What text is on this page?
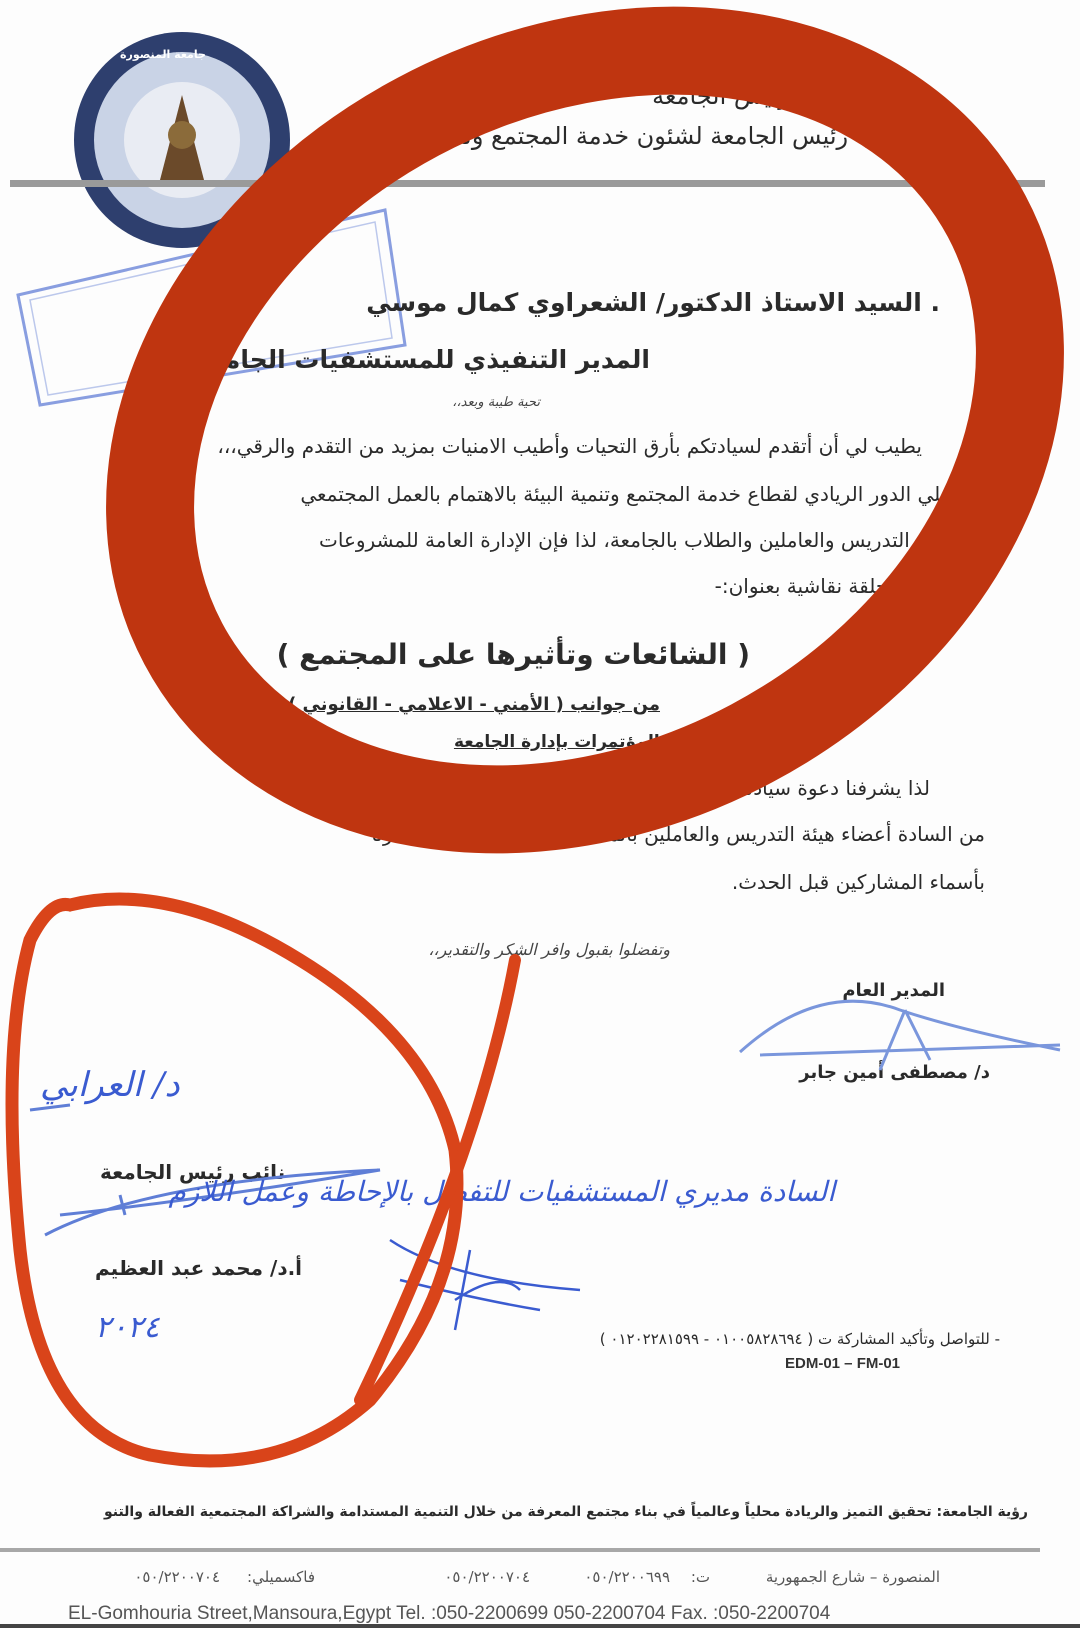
جامعة المنصورة
رئيس الجامعة
نائب رئيس الجامعة لشئون خدمة المجتمع وتنمية البيئة
. السيد الاستاذ الدكتور/ الشعراوي كمال موسي
المدير التنفيذي للمستشفيات الجامعية
تحية طيبة وبعد،،
يطيب لي أن أتقدم لسيادتكم بأرق التحيات وأطيب الامنيات بمزيد من التقدم والرقي،،،
وتأكيداً علي الدور الريادي لقطاع خدمة المجتمع وتنمية البيئة بالاهتمام بالعمل المجتمعي
لأعضاء هيئة التدريس والعاملين والطلاب بالجامعة، لذا فإن الإدارة العامة للمشروعات
بتنظيم حلقة نقاشية بعنوان:-
( الشائعات وتأثيرها على المجتمع )
من جوانب ( الأمني - الاعلامي - القانوني )
٢٠٢٤ بقاعة المؤتمرات بإدارة الجامعة
لذا يشرفنا دعوة سيادتكم للحضور وترشيح عدد (١٠) من ترونه مناسبا
من السادة أعضاء هيئة التدريس والعاملين بالمستشفيات مع التكرم اخطارنا
بأسماء المشاركين قبل الحدث.
وتفضلوا بقبول وافر الشكر والتقدير،،
المدير العام
د/ مصطفى أمين جابر
د/ العرابي
نائب رئيس الجامعة
أ.د/ محمد عبد العظيم
٢٠٢٤
السادة مديري المستشفيات للتفضل بالإحاطة وعمل اللازم
- للتواصل وتأكيد المشاركة ت ( ٠١٠٠٥٨٢٨٦٩٤ - ٠١٢٠٢٢٨١٥٩٩ )
EDM-01 – FM-01
رؤية الجامعة: تحقيق التميز والريادة محلياً وعالمياً في بناء مجتمع المعرفة من خلال التنمية المستدامة والشراكة المجتمعية الفعالة والتنو
المنصورة – شارع الجمهورية
ت:
٠٥٠/٢٢٠٠٦٩٩
٠٥٠/٢٢٠٠٧٠٤
فاكسميلي:
٠٥٠/٢٢٠٠٧٠٤
EL-Gomhouria Street,Mansoura,Egypt Tel. :050-2200699 050-2200704 Fax. :050-2200704
